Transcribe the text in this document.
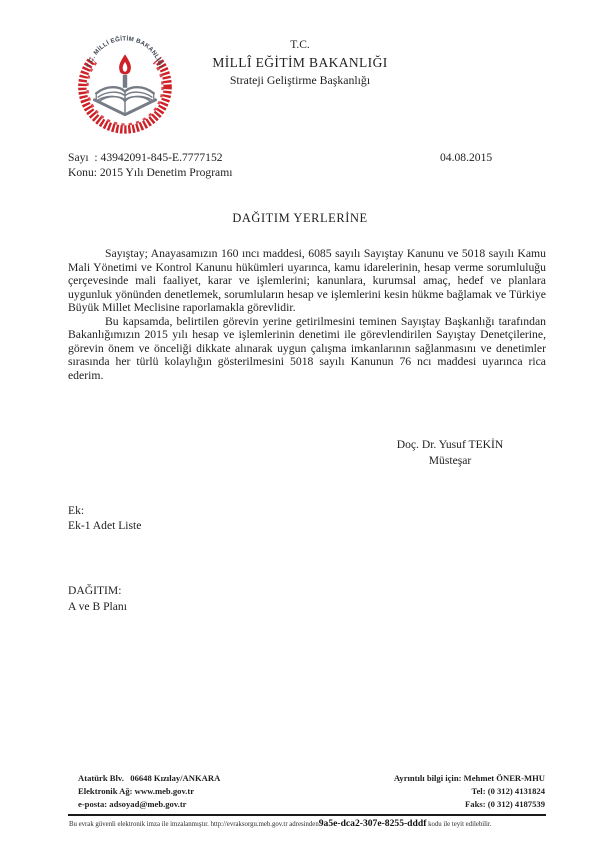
T.C. MİLLİ EĞİTİM BAKANLIĞI
T.C.
MİLLÎ EĞİTİM BAKANLIĞI
Strateji Geliştirme Başkanlığı
Sayı  : 43942091-845-E.7777152
Konu: 2015 Yılı Denetim Programı
04.08.2015
DAĞITIM YERLERİNE

Sayıştay; Anayasamızın 160 ıncı maddesi, 6085 sayılı Sayıştay Kanunu ve 5018 sayılı Kamu Mali Yönetimi ve Kontrol Kanunu hükümleri uyarınca, kamu idarelerinin, hesap verme sorumluluğu çerçevesinde mali faaliyet, karar ve işlemlerini; kanunlara, kurumsal amaç, hedef ve planlara uygunluk yönünden denetlemek, sorumluların hesap ve işlemlerini kesin hükme bağlamak ve Türkiye Büyük Millet Meclisine raporlamakla görevlidir.

Bu kapsamda, belirtilen görevin yerine getirilmesini teminen Sayıştay Başkanlığı tarafından Bakanlığımızın 2015 yılı hesap ve işlemlerinin denetimi ile görevlendirilen Sayıştay Denetçilerine, görevin önem ve önceliği dikkate alınarak uygun çalışma imkanlarının sağlanmasını ve denetimler sırasında her türlü kolaylığın gösterilmesini 5018 sayılı Kanunun 76 ncı maddesi uyarınca rica ederim.

Doç. Dr. Yusuf TEKİN
Müsteşar
Ek:
Ek-1 Adet Liste
DAĞITIM:
A ve B Planı
Atatürk Blv.   06648 Kızılay/ANKARA
Elektronik Ağ: www.meb.gov.tr
e-posta: adsoyad@meb.gov.tr
Ayrıntılı bilgi için: Mehmet ÖNER-MHU
Tel: (0 312) 4131824
Faks: (0 312) 4187539
Bu evrak güvenli elektronik imza ile imzalanmıştır. http://evraksorgu.meb.gov.tr adresinden9a5e-dca2-307e-8255-dddf kodu ile teyit edilebilir.
